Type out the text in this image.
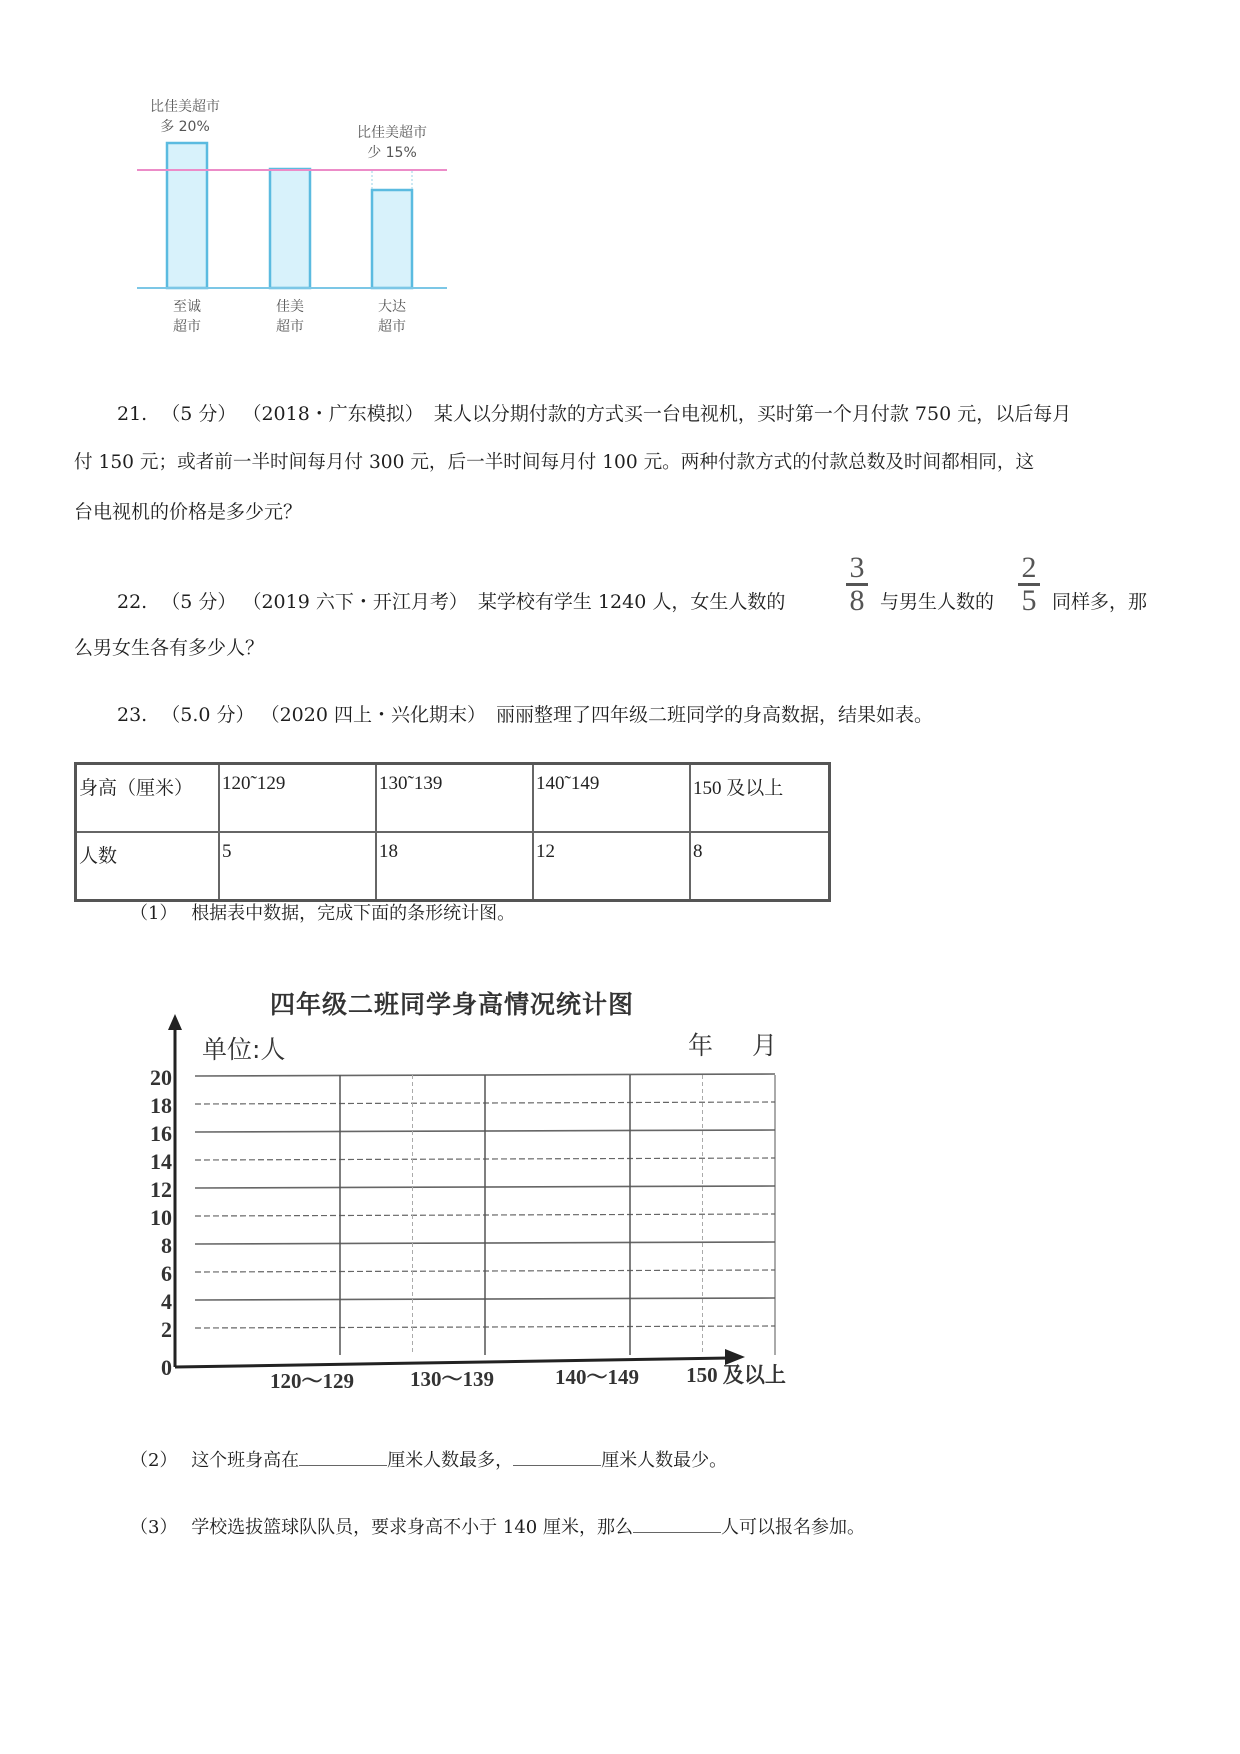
比佳美超市
多 20%	比佳美超市
少 15%
至诚
超市
佳美
超市
大达
超市
21. （5 分） （2018・广东模拟） 某人以分期付款的方式买一台电视机，买时第一个月付款 750 元，以后每月
付 150 元；或者前一半时间每月付 300 元，后一半时间每月付 100 元。两种付款方式的付款总数及时间都相同，这
台电视机的价格是多少元？
22. （5 分） （2019 六下・开江月考） 某学校有学生 1240 人，女生人数的
3
8 与男生人数的
2
5 同样多，那
么男女生各有多少人？
23. （5.0 分） （2020 四上・兴化期末） 丽丽整理了四年级二班同学的身高数据，结果如表。
身高（厘米）	120˜129	130˜139	140˜149	150 及以上
人数	5	18	12	8
（1） 根据表中数据，完成下面的条形统计图。
四年级二班同学身高情况统计图
单位:人	年 月
0
2
4
6
8
10
12
14
16
18
20
120～129	130～139	140～149	150 及以上
（2） 这个班身高在	厘米人数最多，	厘米人数最少。
（3） 学校选拔篮球队队员，要求身高不小于 140 厘米，那么	人可以报名参加。
